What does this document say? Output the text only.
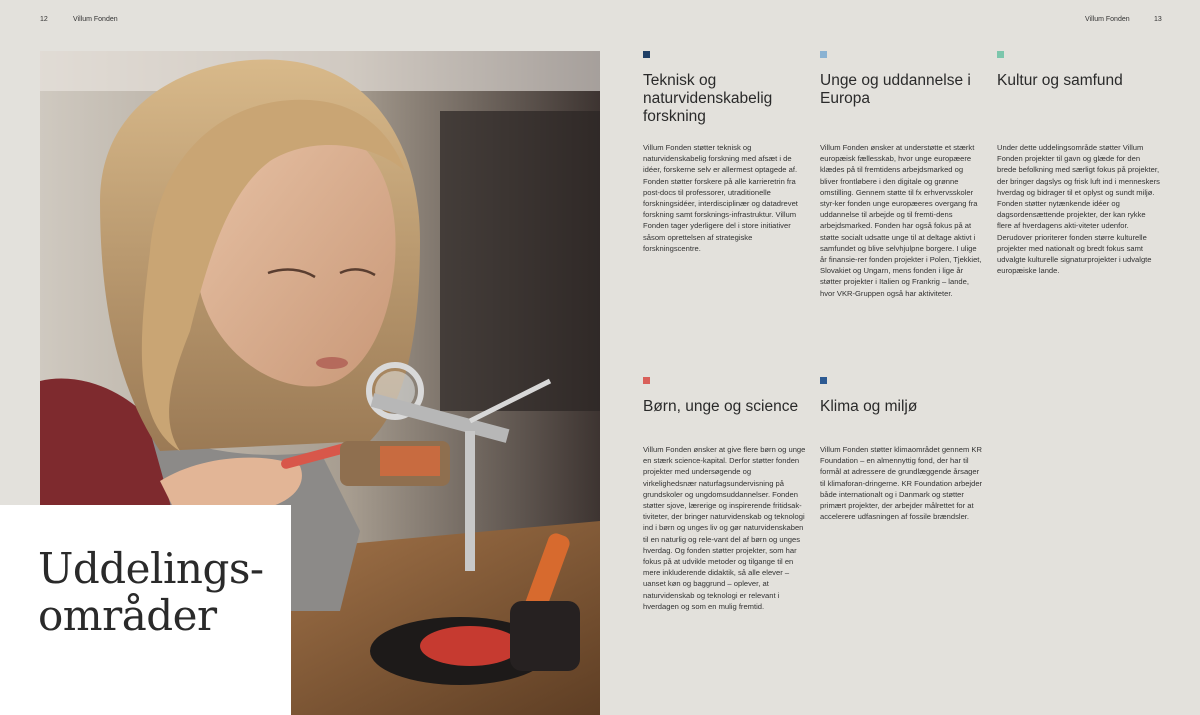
12	Villum Fonden	Villum Fonden	13
Uddelings-
områder
Teknisk og naturvidenskabelig forskning

Villum Fonden støtter teknisk og naturvidenskabelig forskning med afsæt i de idéer, forskerne selv er allermest optagede af. Fonden støtter forskere på alle karrieretrin fra post-docs til professorer, utraditionelle forskningsidéer, interdisciplinær og datadrevet forskning samt forsknings-infrastruktur. Villum Fonden tager yderligere del i store initiativer såsom oprettelsen af strategiske forskningscentre.

Unge og uddannelse i Europa

Villum Fonden ønsker at understøtte et stærkt europæisk fællesskab, hvor unge europæere klædes på til fremtidens arbejdsmarked og bliver frontløbere i den digitale og grønne omstilling. Gennem støtte til fx erhvervsskoler styr-ker fonden unge europæeres overgang fra uddannelse til arbejde og til fremti-dens arbejdsmarked. Fonden har også fokus på at støtte socialt udsatte unge til at deltage aktivt i samfundet og blive selvhjulpne borgere. I ulige år finansie-rer fonden projekter i Polen, Tjekkiet, Slovakiet og Ungarn, mens fonden i lige år støtter projekter i Italien og Frankrig – lande, hvor VKR-Gruppen også har aktiviteter.

Kultur og samfund

Under dette uddelingsområde støtter Villum Fonden projekter til gavn og glæde for den brede befolkning med særligt fokus på projekter, der bringer dagslys og frisk luft ind i menneskers hverdag og bidrager til et oplyst og sundt miljø. Fonden støtter nytænkende idéer og dagsordensættende projekter, der kan rykke flere af hverdagens akti-viteter udenfor. Derudover prioriterer fonden større kulturelle projekter med nationalt og bredt fokus samt udvalgte kulturelle signaturprojekter i udvalgte europæiske lande.

Børn, unge og science

Villum Fonden ønsker at give flere børn og unge en stærk science-kapital. Derfor støtter fonden projekter med undersøgende og virkelighedsnær naturfagsundervisning på grundskoler og ungdomsuddannelser. Fonden støtter sjove, lærerige og inspirerende fritidsak-tiviteter, der bringer naturvidenskab og teknologi ind i børn og unges liv og gør naturvidenskaben til en naturlig og rele-vant del af børn og unges hverdag. Og fonden støtter projekter, som har fokus på at udvikle metoder og tilgange til en mere inkluderende didaktik, så alle elever – uanset køn og baggrund – oplever, at naturvidenskab og teknologi er relevant i hverdagen og som en mulig fremtid.

Klima og miljø

Villum Fonden støtter klimaområdet gennem KR Foundation – en almennyttig fond, der har til formål at adressere de grundlæggende årsager til klimaforan-dringerne. KR Foundation arbejder både internationalt og i Danmark og støtter primært projekter, der arbejder målrettet for at accelerere udfasningen af fossile brændsler.
